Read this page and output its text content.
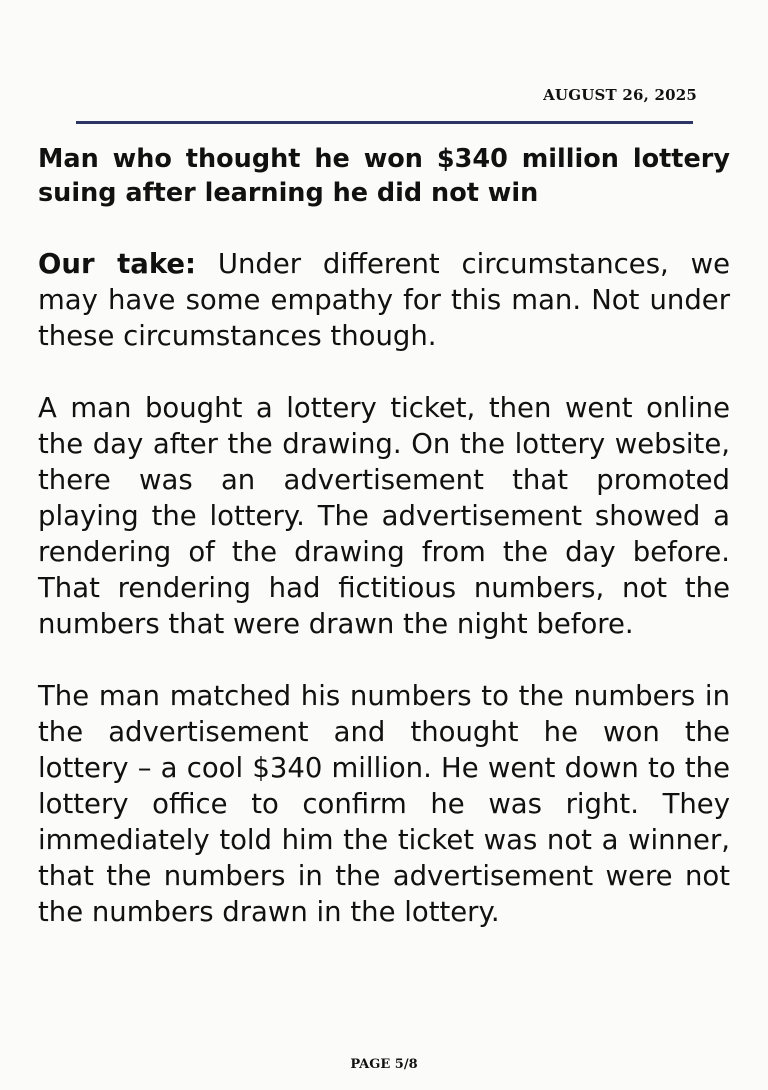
AUGUST 26, 2025

Man who thought he won $340 million lottery suing after learning he did not win

Our take: Under different circumstances, we may have some empathy for this man. Not under these circumstances though.

A man bought a lottery ticket, then went online the day after the drawing. On the lottery website, there was an advertisement that promoted playing the lottery. The advertisement showed a rendering of the drawing from the day before. That rendering had fictitious numbers, not the numbers that were drawn the night before.

The man matched his numbers to the numbers in the advertisement and thought he won the lottery – a cool $340 million. He went down to the lottery office to confirm he was right. They immediately told him the ticket was not a winner, that the numbers in the advertisement were not the numbers drawn in the lottery.

PAGE 5/8
